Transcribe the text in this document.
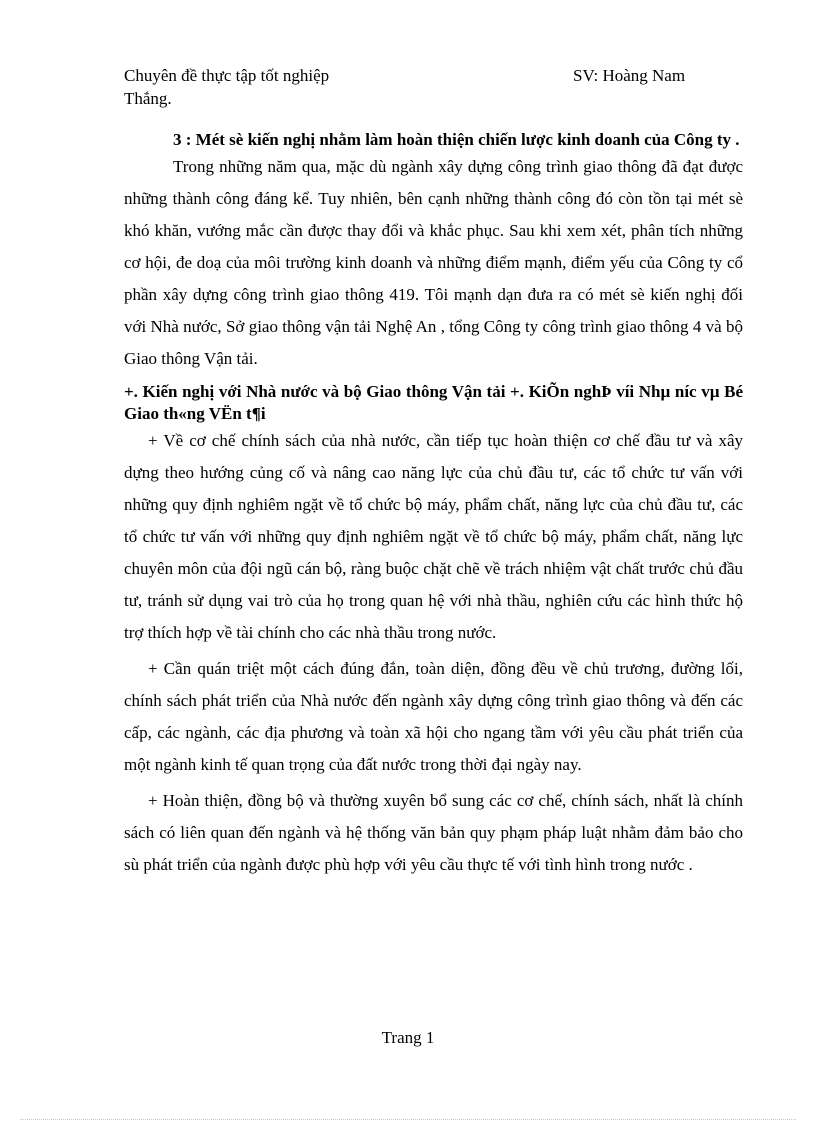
Chuyên đề thực tập tốt nghiệp	SV: Hoàng Nam
Thắng.

3 : Mét sè kiến nghị nhằm làm hoàn thiện chiến lược kinh doanh của Công ty .

Trong những năm qua, mặc dù ngành xây dựng công trình giao thông đã đạt được những thành công đáng kể. Tuy nhiên, bên cạnh những thành công đó còn tồn tại mét sè khó khăn, vướng mắc cần được thay đổi và khắc phục. Sau khi xem xét, phân tích những cơ hội, đe doạ của môi trường kinh doanh và những điểm mạnh, điểm yếu của Công ty cổ phần xây dựng công trình giao thông 419. Tôi mạnh dạn đưa ra có mét sè kiến nghị đối với Nhà nước, Sở giao thông vận tải Nghệ An , tổng Công ty công trình giao thông 4 và bộ Giao thông Vận tải.

+. Kiến nghị với Nhà nước và bộ Giao thông Vận tải +. KiÕn nghÞ víi Nhµ níc vµ Bé Giao th«ng VËn t¶i

+ Về cơ chế chính sách của nhà nước, cần tiếp tục hoàn thiện cơ chế đầu tư và xây dựng theo hướng củng cố và nâng cao năng lực của chủ đầu tư, các tổ chức tư vấn với những quy định nghiêm ngặt về tổ chức bộ máy, phẩm chất, năng lực của chủ đầu tư, các tổ chức tư vấn với những quy định nghiêm ngặt về tổ chức bộ máy, phẩm chất, năng lực chuyên môn của đội ngũ cán bộ, ràng buộc chặt chẽ về trách nhiệm vật chất trước chủ đầu tư, tránh sử dụng vai trò của họ trong quan hệ với nhà thầu, nghiên cứu các hình thức hộ trợ thích hợp về tài chính cho các nhà thầu trong nước.

+ Cần quán triệt một cách đúng đắn, toàn diện, đồng đều về chủ trương, đường lối, chính sách phát triển của Nhà nước đến ngành xây dựng công trình giao thông và đến các cấp, các ngành, các địa phương và toàn xã hội cho ngang tầm với yêu cầu phát triển của một ngành kinh tế quan trọng của đất nước trong thời đại ngày nay.

+ Hoàn thiện, đồng bộ và thường xuyên bổ sung các cơ chế, chính sách, nhất là chính sách có liên quan đến ngành và hệ thống văn bản quy phạm pháp luật nhằm đảm bảo cho sù phát triển của ngành được phù hợp với yêu cầu thực tế với tình hình trong nước .

Trang 1
